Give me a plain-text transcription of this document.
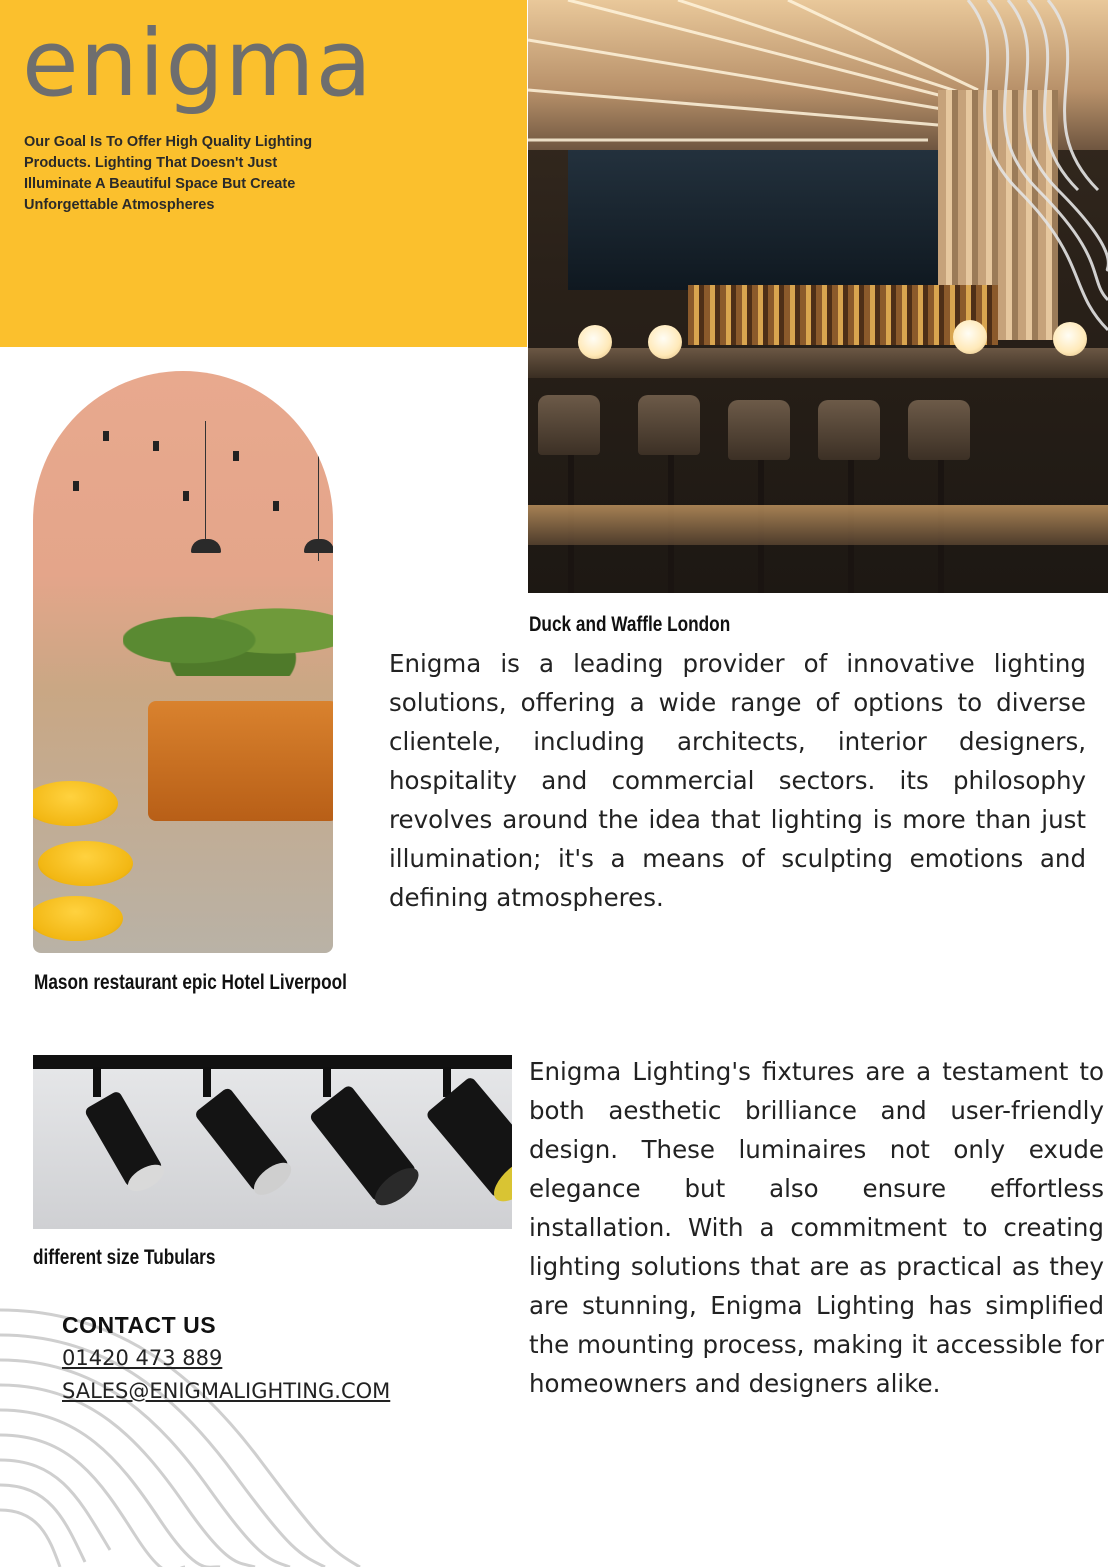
enigma
Our Goal Is To Offer High Quality Lighting Products. Lighting That Doesn't Just Illuminate A Beautiful Space But Create Unforgettable Atmospheres
Duck and Waffle London
Mason restaurant epic Hotel Liverpool
different size Tubulars
Enigma is a leading provider of innovative lighting solutions, offering a wide range of options to diverse clientele, including architects, interior designers, hospitality and commercial sectors. its philosophy revolves around the idea that lighting is more than just illumination; it's a means of sculpting emotions and defining atmospheres.
Enigma Lighting's fixtures are a testament to both aesthetic brilliance and user-friendly design. These luminaires not only exude elegance but also ensure effortless installation. With a commitment to creating lighting solutions that are as practical as they are stunning, Enigma Lighting has simplified the mounting process, making it accessible for homeowners and designers alike.
CONTACT US
01420 473 889
SALES@ENIGMALIGHTING.COM
